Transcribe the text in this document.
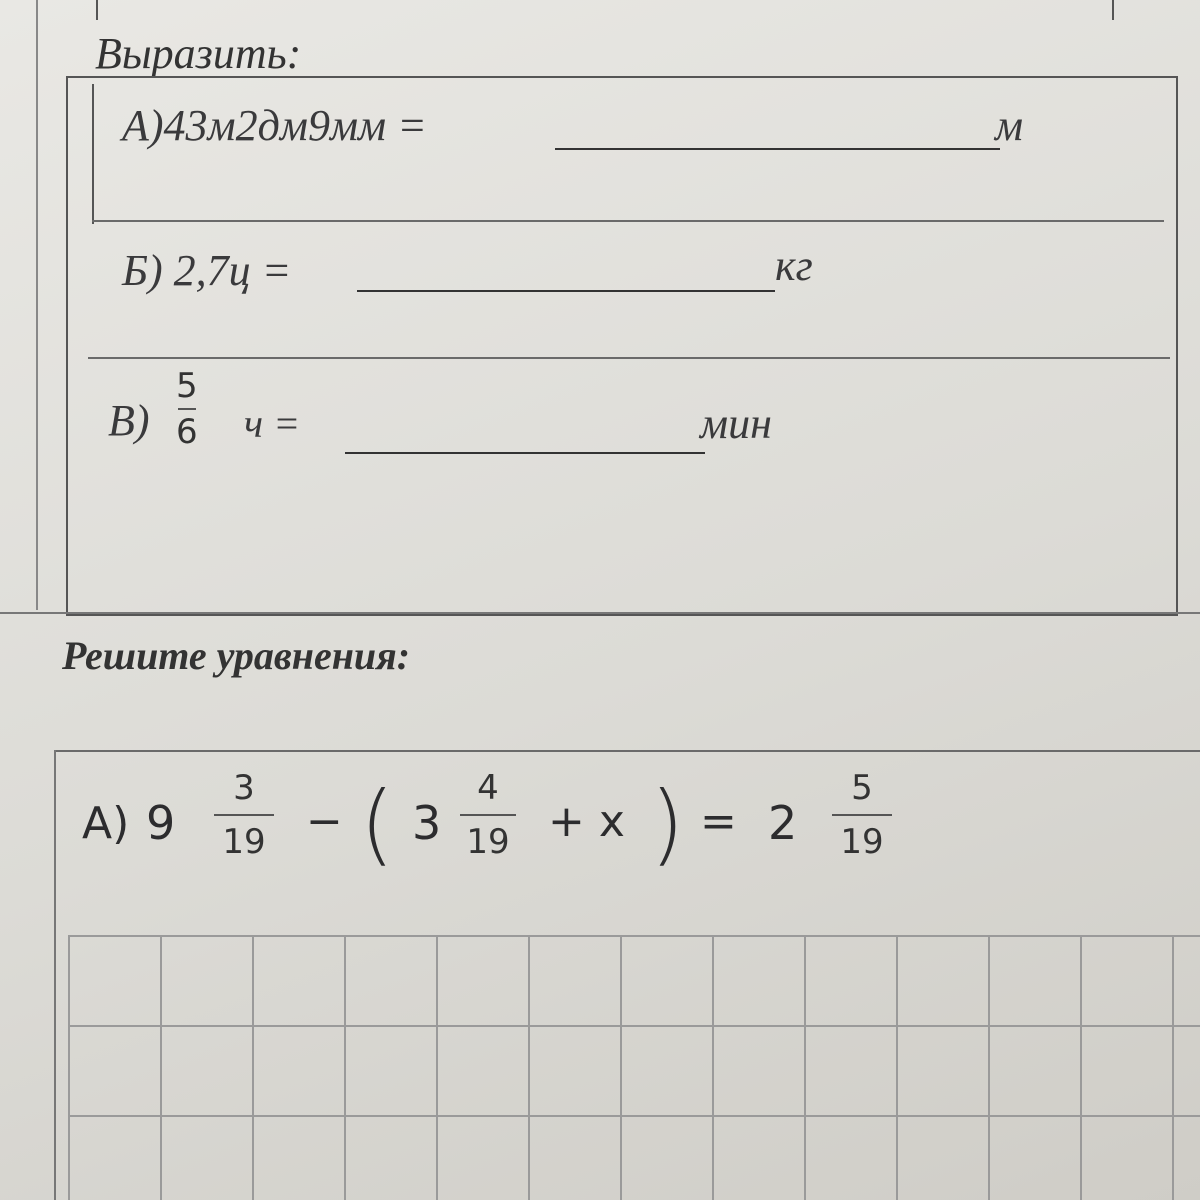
Выразить:
А)43м2дм9мм =	м
Б) 2,7ц =	кг
В)
5
6 ч =	мин
Решите уравнения:
А) 9
3
19 − ( 3
4
19 + x ) = 2
5
19
